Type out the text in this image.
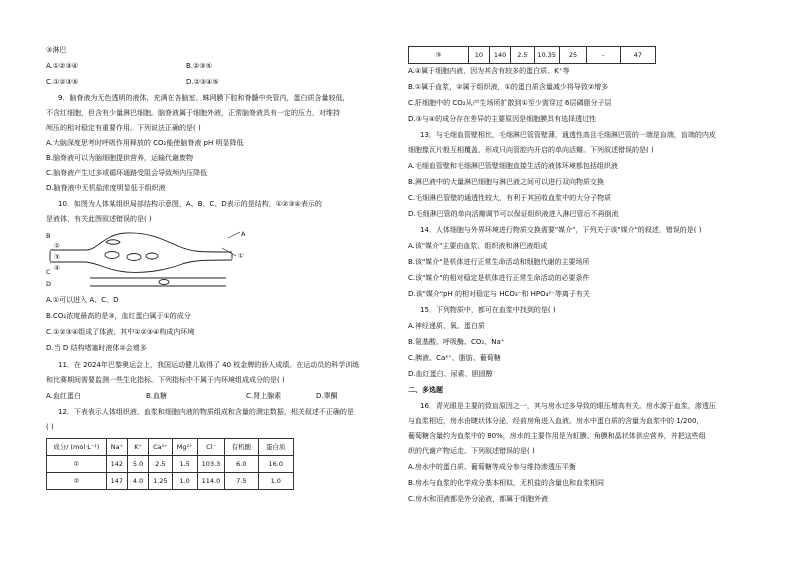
③淋巴
A.①②③④	B.②③⑤
C.①②③⑤	D.②③④⑤
9．脑脊液为无色透明的液体，充满在各脑室、蛛网膜下腔和脊髓中央管内，蛋白质含量较低，
不含红细胞，但含有少量淋巴细胞。脑脊液属于细胞外液，正常脑脊液具有一定的压力，对维持
颅压的相对稳定有重要作用。下列说法正确的是( )
A.大脑深度思考时呼吸作用释放的 CO₂能使脑脊液 pH 明显降低
B.脑脊液可以为脑细胞提供营养，运输代谢废物
C.脑脊液产生过多或循环通路受阻会导致颅内压降低
D.脑脊液中无机盐浓度明显低于组织液
10．如图为人体某组织局部结构示意图，A、B、C、D表示的是结构，①②③④表示的
是液体，有关此图叙述错误的是( )
A
B
C
D
①
②
③
④
A.①可以进入 A、C、D
B.CO₂浓度最高的是③，血红蛋白属于①的成分
C.①②③④组成了体液，其中①②③④构成内环境
D.当 D 结构堵塞时液体②会增多
11．在 2024年巴黎奥运会上，我国运动健儿取得了 40 枚金牌的骄人成绩。在运动员的科学训练
和比赛期间需要监测一些生化指标。下列指标中不属于内环境组成成分的是( )
A.血红蛋白	B.血糖	C.肾上腺素	D.睾酮
12．下表表示人体组织液、血浆和细胞内液的物质组成和含量的测定数据，相关叙述不正确的是
( )
成分/ (mol·L⁻¹)	Na⁺	K⁺	Ca²⁺	Mg²⁺	Cl⁻	有机酸	蛋白质
①	142	5.0	2.5	1.5	103.3	6.0	16.0
②	147	4.0	1.25	1.0	114.0	7.5	1.0
③	10	140	2.5	10.35	25	-	47
A.④属于细胞内液，因为其含有较多的蛋白质、K⁺等
B.①属于血浆，②属于组织液，①的蛋白质含量减少将导致②增多
C.肝细胞中的 CO₂从产生场所扩散到①至少需穿过 6层磷脂分子层
D.③与④的成分存在差异的主要原因是细胞膜具有选择透过性
13．与毛细血管壁相比，毛细淋巴管管壁薄，通透性高且毛细淋巴管的一端是盲端，盲端的内皮
细胞像瓦片般互相覆盖，形成只向管腔内开启的单向活瓣。下列叙述错误的是( )
A.毛细血管壁和毛细淋巴管壁细胞直接生活的液体环境都包括组织液
B.淋巴液中的大量淋巴细胞与淋巴液之间可以进行双向物质交换
C.毛细淋巴管壁的通透性较大，有利于其回收血浆中的大分子物质
D.毛细淋巴管的单向活瓣调节可以保证组织液进入淋巴管后不再倒流
14．人体细胞与外界环境进行物质交换需要"媒介"，下列关于该"媒介"的叙述，错误的是( )
A.该"媒介"主要由血浆、组织液和淋巴液组成
B.该"媒介"是机体进行正常生命活动和细胞代谢的主要场所
C.该"媒介"的相对稳定是机体进行正常生命活动的必要条件
D.该"媒介"pH 的相对稳定与 HCO₃⁻和 HPO₄²⁻等离子有关
15．下列物质中，都可在血浆中找到的是( )
A.神经递质、氧、蛋白质
B.氨基酸、呼吸酶、CO₂、Na⁺
C.胰液、Ca²⁺、脂肪、葡萄糖
D.血红蛋白、尿素、胆固醇
二、多选题
16．青光眼是主要的致盲原因之一，其与房水过多导致的眼压增高有关。房水源于血浆，渗透压
与血浆相近，房水由睫状体分泌，经前房角进入血液。房水中蛋白质的含量为血浆中的 1/200，
葡萄糖含量约为血浆中的 80%，房水的主要作用是为虹膜、角膜和晶状体供应营养，并把这些组
织的代谢产物运走。下列叙述错误的是( )
A.房水中的蛋白质、葡萄糖等成分参与维持渗透压平衡
B.房水与血浆的化学成分基本相似，无机盐的含量也和血浆相同
C.房水和泪液都是外分泌液，都属于细胞外液
